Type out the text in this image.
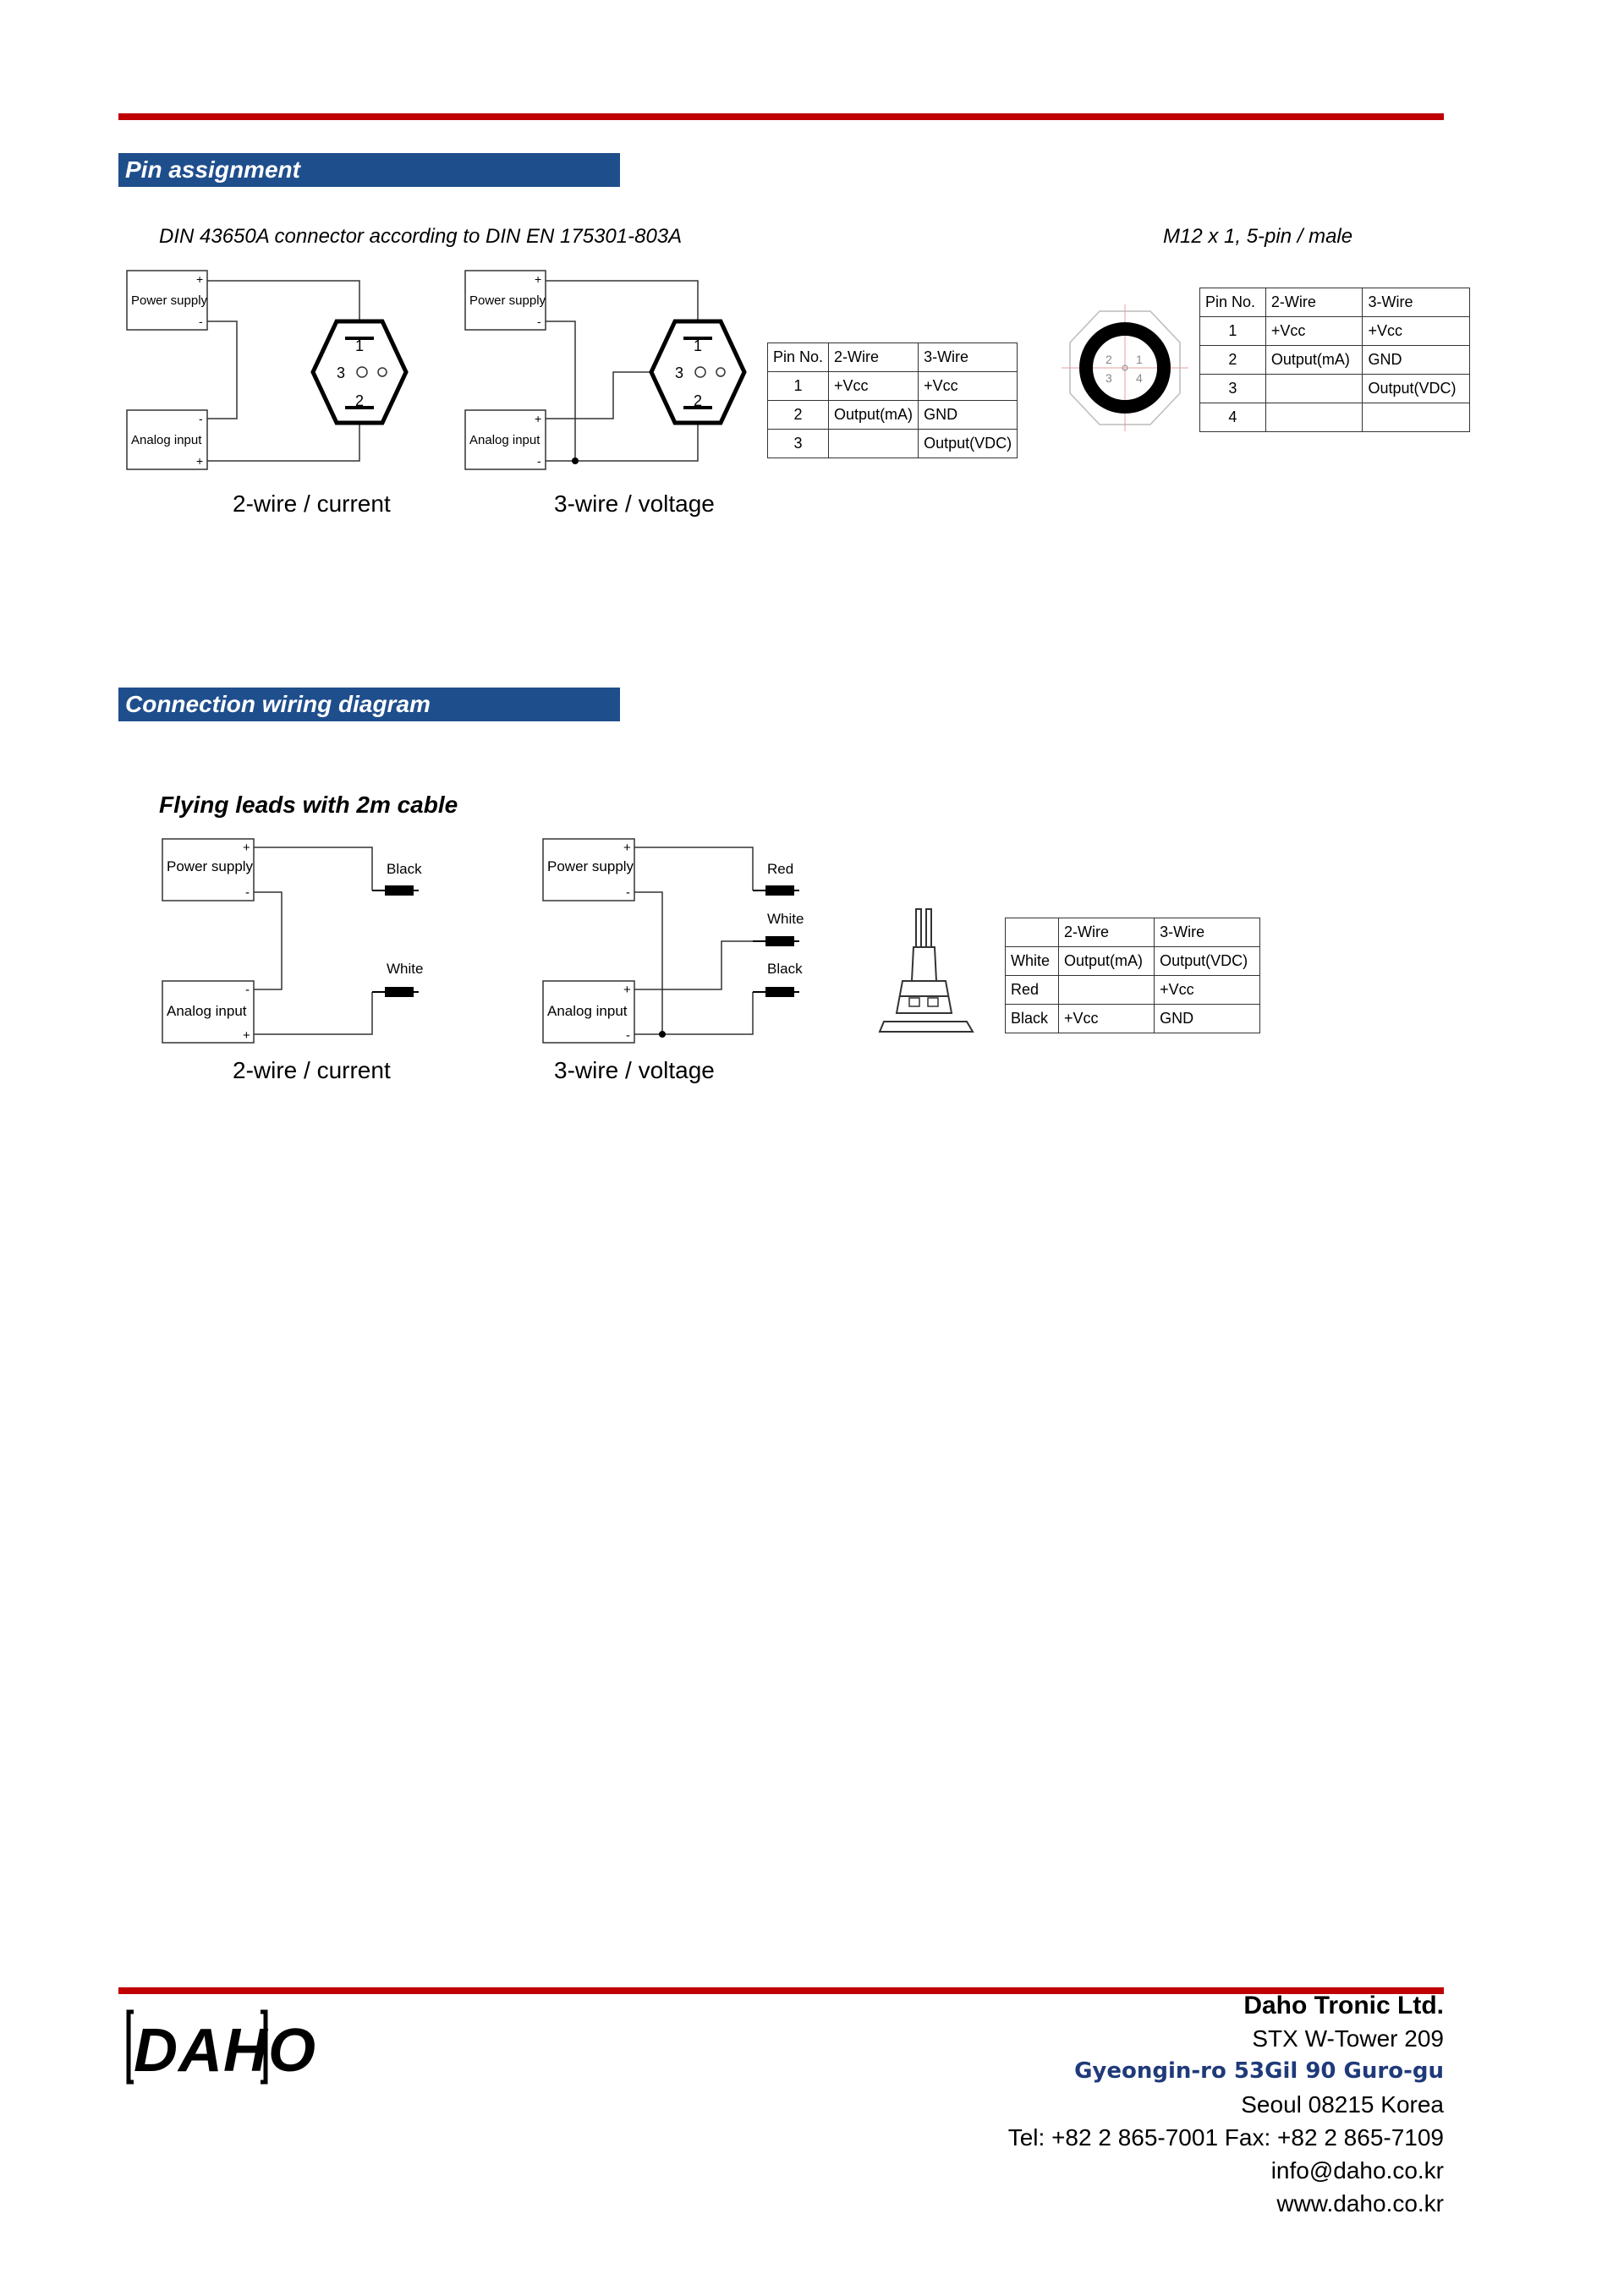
Pin assignment
DIN 43650A connector according to DIN EN 175301-803A	M12 x 1, 5-pin / male
Power supply
+
-
Analog input
-
+
1
3
2
Power supply
+
-
Analog input
+
-
1
3
2
Pin No.	2-Wire	3-Wire
1	+Vcc	+Vcc
2	Output(mA)	GND
3		Output(VDC)
2 1
3 4
Pin No.	2-Wire	3-Wire
1	+Vcc	+Vcc
2	Output(mA)	GND
3		Output(VDC)
4		
2-wire / current	3-wire / voltage
Connection wiring diagram
Flying leads with 2m cable
Power supply
+
-
Analog input
-
+
Black
White
Power supply
+
-
Analog input
+
-
Red
White
Black
	2-Wire	3-Wire
White	Output(mA)	Output(VDC)
Red		+Vcc
Black	+Vcc	GND
2-wire / current	3-wire / voltage
DAHO
Daho Tronic Ltd.
STX W-Tower 209
Gyeongin-ro 53Gil 90 Guro-gu
Seoul 08215 Korea
Tel: +82 2 865-7001 Fax: +82 2 865-7109
info@daho.co.kr
www.daho.co.kr
